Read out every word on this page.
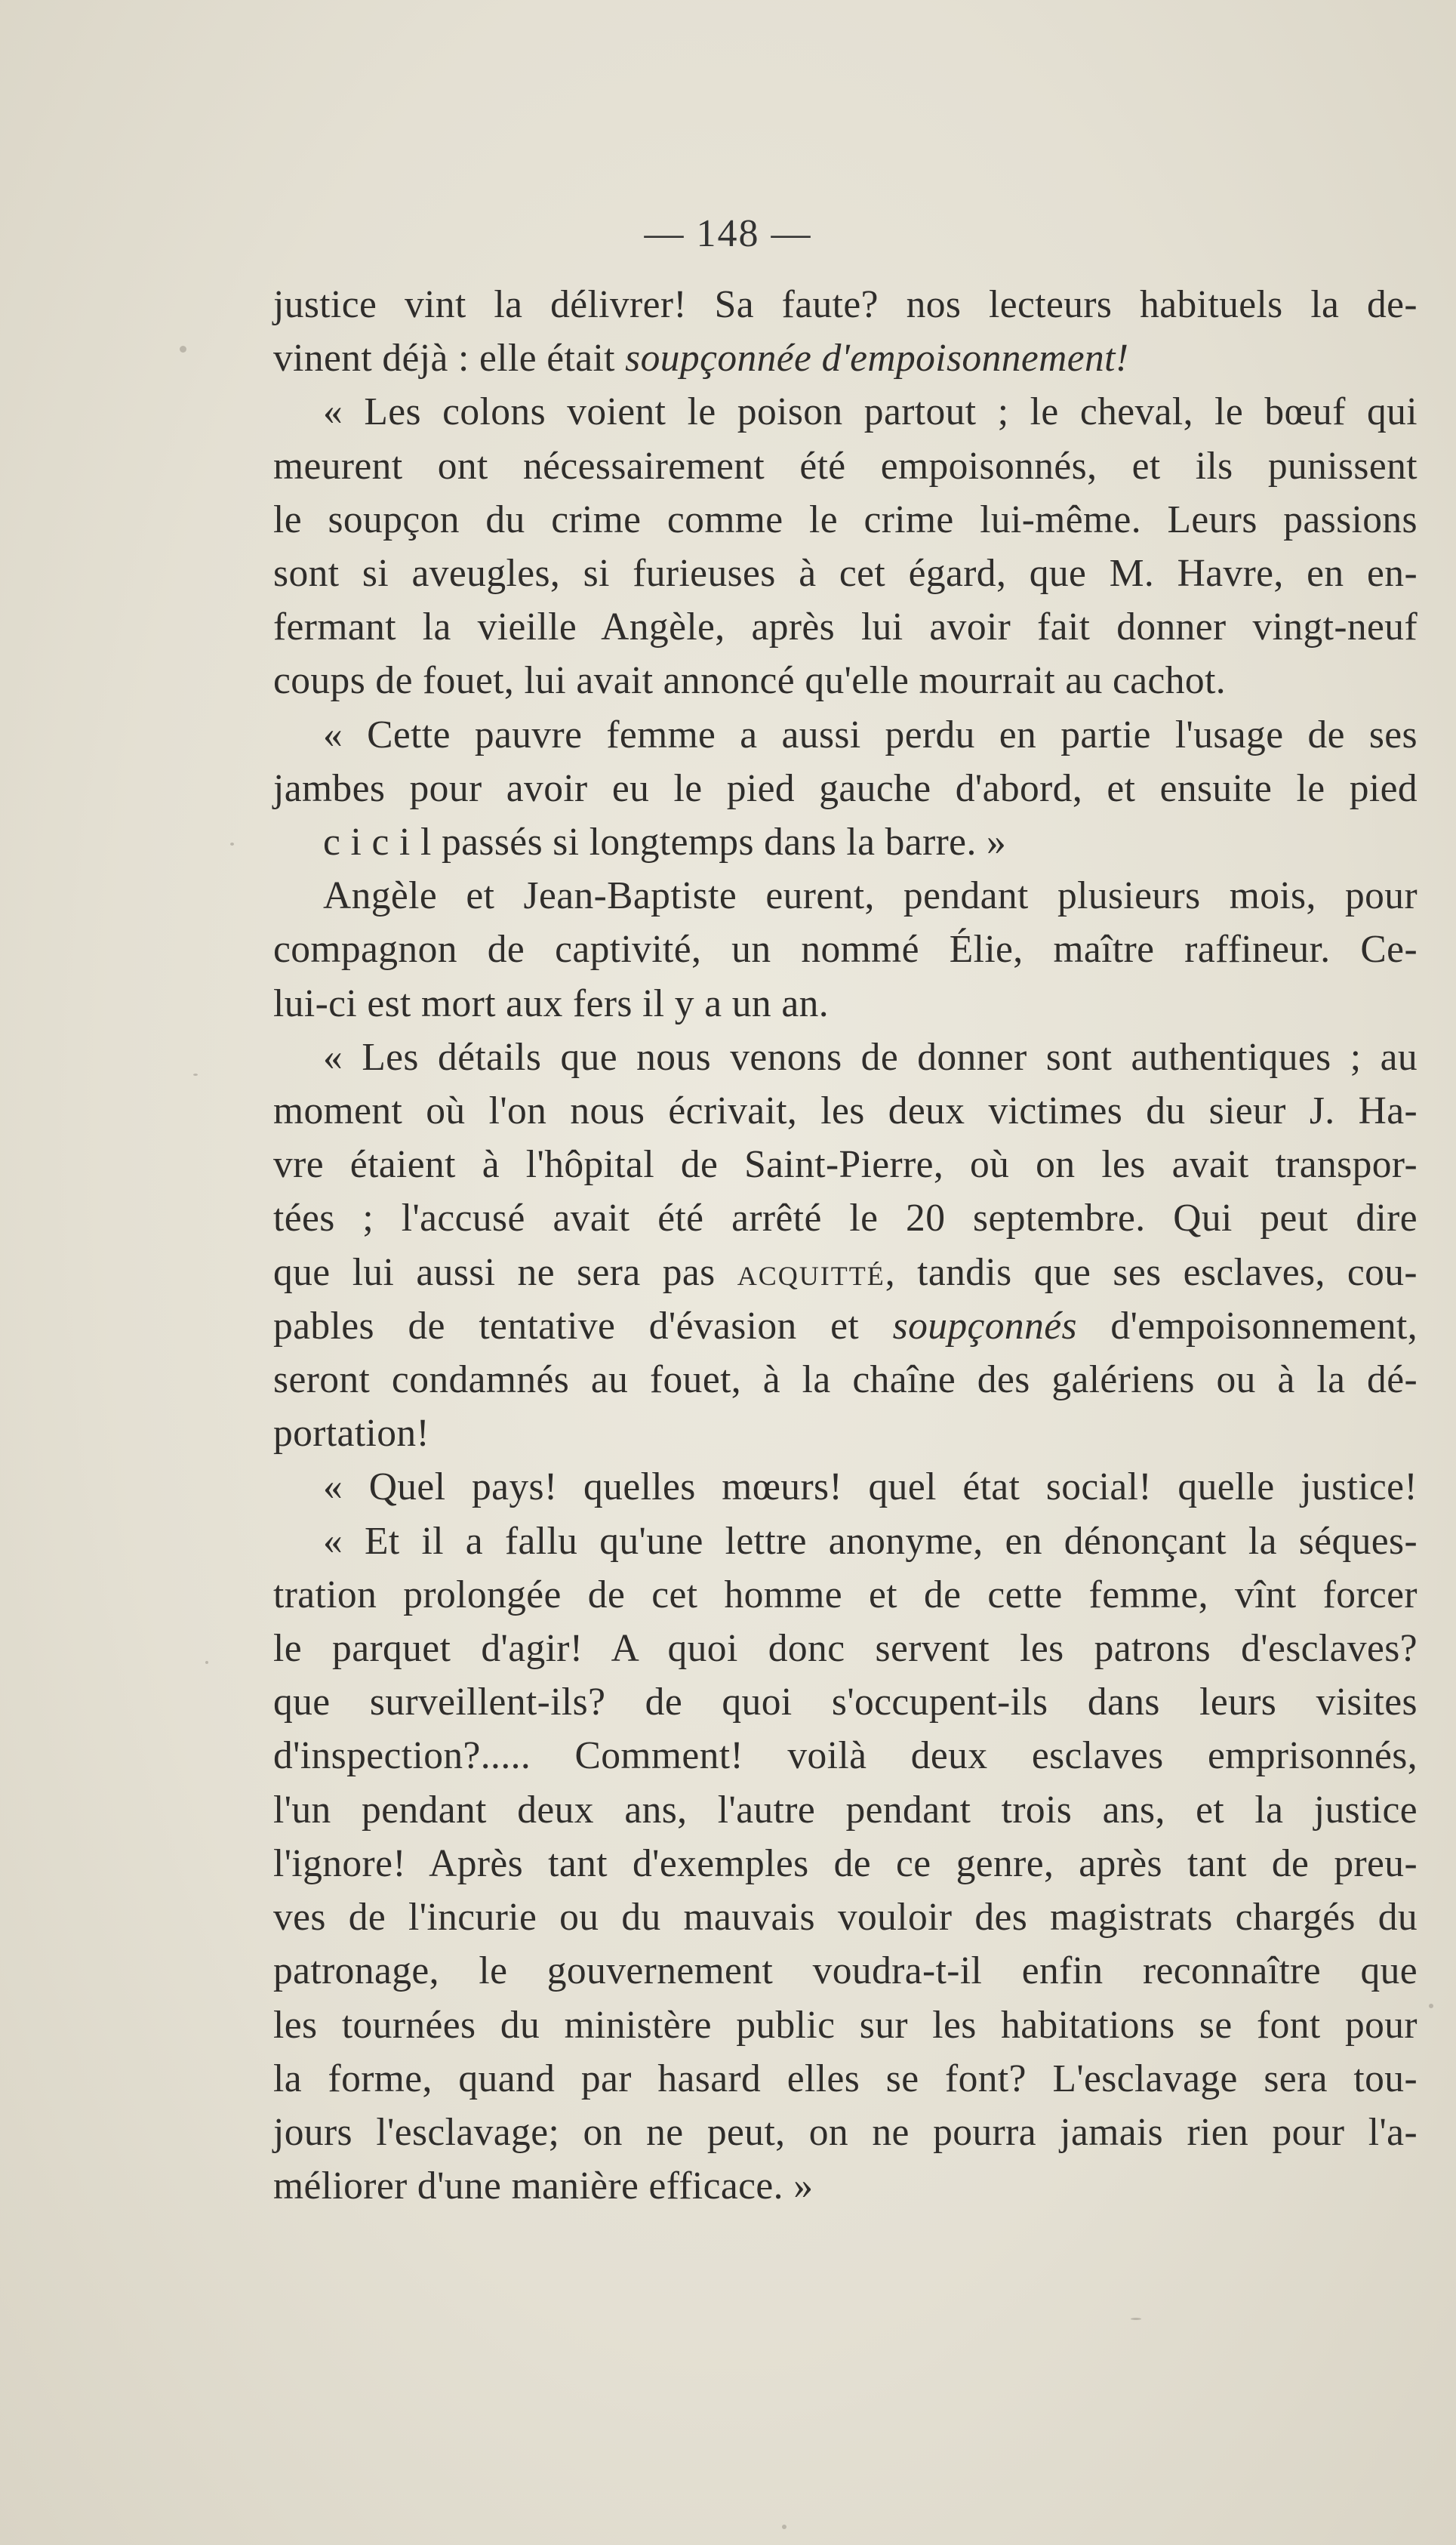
— 148 —
justice vint la délivrer! Sa faute? nos lecteurs habituels la de-
vinent déjà : elle était soupçonnée d'empoisonnement!
« Les colons voient le poison partout ; le cheval, le bœuf qui
meurent ont nécessairement été empoisonnés, et ils punissent
le soupçon du crime comme le crime lui-même. Leurs passions
sont si aveugles, si furieuses à cet égard, que M. Havre, en en-
fermant la vieille Angèle, après lui avoir fait donner vingt-neuf
coups de fouet, lui avait annoncé qu'elle mourrait au cachot.
« Cette pauvre femme a aussi perdu en partie l'usage de ses
jambes pour avoir eu le pied gauche d'abord, et ensuite le pied
c i c i l passés si longtemps dans la barre. »
Angèle et Jean-Baptiste eurent, pendant plusieurs mois, pour
compagnon de captivité, un nommé Élie, maître raffineur. Ce-
lui-ci est mort aux fers il y a un an.
« Les détails que nous venons de donner sont authentiques ; au
moment où l'on nous écrivait, les deux victimes du sieur J. Ha-
vre étaient à l'hôpital de Saint-Pierre, où on les avait transpor-
tées ; l'accusé avait été arrêté le 20 septembre. Qui peut dire
que lui aussi ne sera pas acquitté, tandis que ses esclaves, cou-
pables de tentative d'évasion et soupçonnés d'empoisonnement,
seront condamnés au fouet, à la chaîne des galériens ou à la dé-
portation!
« Quel pays! quelles mœurs! quel état social! quelle justice!
« Et il a fallu qu'une lettre anonyme, en dénonçant la séques-
tration prolongée de cet homme et de cette femme, vînt forcer
le parquet d'agir! A quoi donc servent les patrons d'esclaves?
que surveillent-ils? de quoi s'occupent-ils dans leurs visites
d'inspection?..... Comment! voilà deux esclaves emprisonnés,
l'un pendant deux ans, l'autre pendant trois ans, et la justice
l'ignore! Après tant d'exemples de ce genre, après tant de preu-
ves de l'incurie ou du mauvais vouloir des magistrats chargés du
patronage, le gouvernement voudra-t-il enfin reconnaître que
les tournées du ministère public sur les habitations se font pour
la forme, quand par hasard elles se font? L'esclavage sera tou-
jours l'esclavage; on ne peut, on ne pourra jamais rien pour l'a-
méliorer d'une manière efficace. »
